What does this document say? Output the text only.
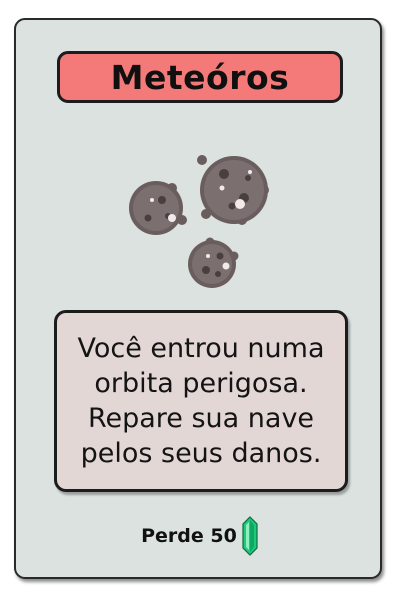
Meteóros
Você entrou numa
orbita perigosa.
Repare sua nave
pelos seus danos.
Perde 50
